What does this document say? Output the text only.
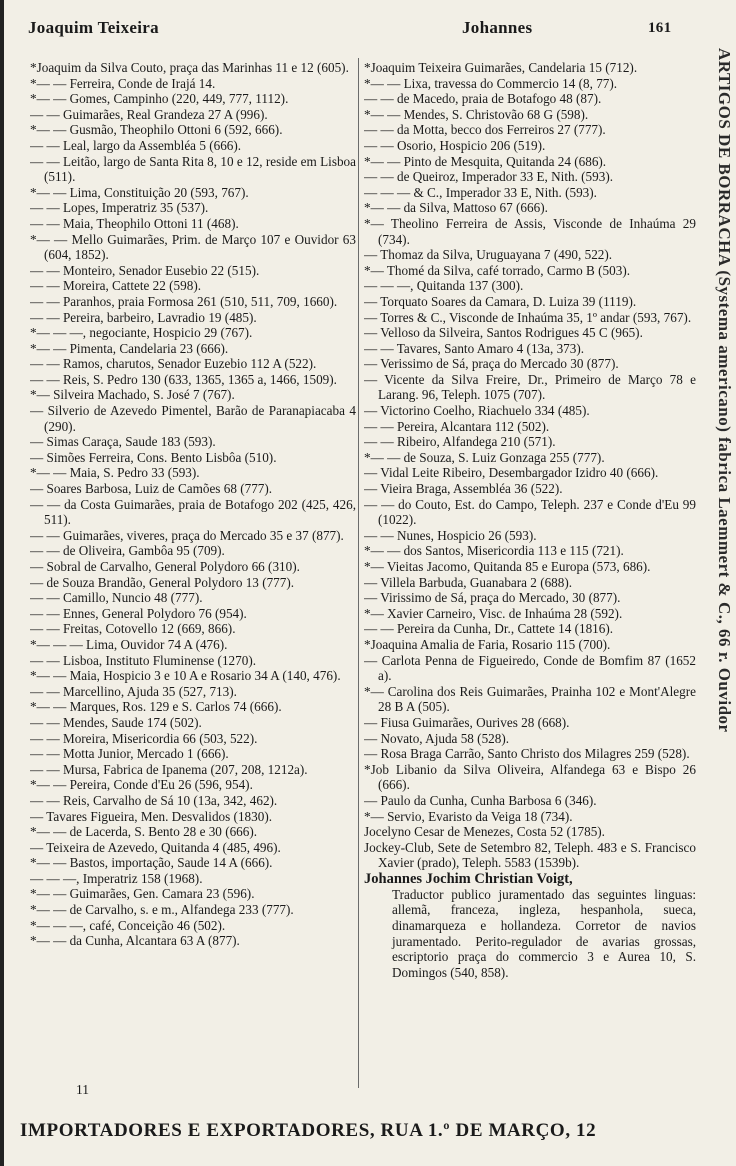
Joaquim Teixeira	Johannes	161

*Joaquim da Silva Couto, praça das Marinhas 11 e 12 (605).

*— — Ferreira, Conde de Irajá 14.

*— — Gomes, Campinho (220, 449, 777, 1112).

— — Guimarães, Real Grandeza 27 A (996).

*— — Gusmão, Theophilo Ottoni 6 (592, 666).

— — Leal, largo da Assembléa 5 (666).

— — Leitão, largo de Santa Rita 8, 10 e 12, reside em Lisboa (511).

*— — Lima, Constituição 20 (593, 767).

— — Lopes, Imperatriz 35 (537).

— — Maia, Theophilo Ottoni 11 (468).

*— — Mello Guimarães, Prim. de Março 107 e Ouvidor 63 (604, 1852).

— — Monteiro, Senador Eusebio 22 (515).

— — Moreira, Cattete 22 (598).

— — Paranhos, praia Formosa 261 (510, 511, 709, 1660).

— — Pereira, barbeiro, Lavradio 19 (485).

*— — —, negociante, Hospicio 29 (767).

*— — Pimenta, Candelaria 23 (666).

— — Ramos, charutos, Senador Euzebio 112 A (522).

— — Reis, S. Pedro 130 (633, 1365, 1365 a, 1466, 1509).

*— Silveira Machado, S. José 7 (767).

— Silverio de Azevedo Pimentel, Barão de Paranapiacaba 4 (290).

— Simas Caraça, Saude 183 (593).

— Simões Ferreira, Cons. Bento Lisbôa (510).

*— — Maia, S. Pedro 33 (593).

— Soares Barbosa, Luiz de Camões 68 (777).

— — da Costa Guimarães, praia de Botafogo 202 (425, 426, 511).

— — Guimarães, viveres, praça do Mercado 35 e 37 (877).

— — de Oliveira, Gambôa 95 (709).

— Sobral de Carvalho, General Polydoro 66 (310).

— de Souza Brandão, General Polydoro 13 (777).

— — Camillo, Nuncio 48 (777).

— — Ennes, General Polydoro 76 (954).

— — Freitas, Cotovello 12 (669, 866).

*— — — Lima, Ouvidor 74 A (476).

— — Lisboa, Instituto Fluminense (1270).

*— — Maia, Hospicio 3 e 10 A e Rosario 34 A (140, 476).

— — Marcellino, Ajuda 35 (527, 713).

*— — Marques, Ros. 129 e S. Carlos 74 (666).

— — Mendes, Saude 174 (502).

— — Moreira, Misericordia 66 (503, 522).

— — Motta Junior, Mercado 1 (666).

— — Mursa, Fabrica de Ipanema (207, 208, 1212a).

*— — Pereira, Conde d'Eu 26 (596, 954).

— — Reis, Carvalho de Sá 10 (13a, 342, 462).

— Tavares Figueira, Men. Desvalidos (1830).

*— — de Lacerda, S. Bento 28 e 30 (666).

— Teixeira de Azevedo, Quitanda 4 (485, 496).

*— — Bastos, importação, Saude 14 A (666).

— — —, Imperatriz 158 (1968).

*— — Guimarães, Gen. Camara 23 (596).

*— — de Carvalho, s. e m., Alfandega 233 (777).

*— — —, café, Conceição 46 (502).

*— — da Cunha, Alcantara 63 A (877).

*Joaquim Teixeira Guimarães, Candelaria 15 (712).

*— — Lixa, travessa do Commercio 14 (8, 77).

— — de Macedo, praia de Botafogo 48 (87).

*— — Mendes, S. Christovão 68 G (598).

— — da Motta, becco dos Ferreiros 27 (777).

— — Osorio, Hospicio 206 (519).

*— — Pinto de Mesquita, Quitanda 24 (686).

— — de Queiroz, Imperador 33 E, Nith. (593).

— — — & C., Imperador 33 E, Nith. (593).

*— — da Silva, Mattoso 67 (666).

*— Theolino Ferreira de Assis, Visconde de Inhaúma 29 (734).

— Thomaz da Silva, Uruguayana 7 (490, 522).

*— Thomé da Silva, café torrado, Carmo B (503).

— — —, Quitanda 137 (300).

— Torquato Soares da Camara, D. Luiza 39 (1119).

— Torres & C., Visconde de Inhaúma 35, 1º andar (593, 767).

— Velloso da Silveira, Santos Rodrigues 45 C (965).

— — Tavares, Santo Amaro 4 (13a, 373).

— Verissimo de Sá, praça do Mercado 30 (877).

— Vicente da Silva Freire, Dr., Primeiro de Março 78 e Larang. 96, Teleph. 1075 (707).

— Victorino Coelho, Riachuelo 334 (485).

— — Pereira, Alcantara 112 (502).

— — Ribeiro, Alfandega 210 (571).

*— — de Souza, S. Luiz Gonzaga 255 (777).

— Vidal Leite Ribeiro, Desembargador Izidro 40 (666).

— Vieira Braga, Assembléa 36 (522).

— — do Couto, Est. do Campo, Teleph. 237 e Conde d'Eu 99 (1022).

— — Nunes, Hospicio 26 (593).

*— — dos Santos, Misericordia 113 e 115 (721).

*— Vieitas Jacomo, Quitanda 85 e Europa (573, 686).

— Villela Barbuda, Guanabara 2 (688).

— Virissimo de Sá, praça do Mercado, 30 (877).

*— Xavier Carneiro, Visc. de Inhaúma 28 (592).

— — Pereira da Cunha, Dr., Cattete 14 (1816).

*Joaquina Amalia de Faria, Rosario 115 (700).

— Carlota Penna de Figueiredo, Conde de Bomfim 87 (1652 a).

*— Carolina dos Reis Guimarães, Prainha 102 e Mont'Alegre 28 B A (505).

— Fiusa Guimarães, Ourives 28 (668).

— Novato, Ajuda 58 (528).

— Rosa Braga Carrão, Santo Christo dos Milagres 259 (528).

*Job Libanio da Silva Oliveira, Alfandega 63 e Bispo 26 (666).

— Paulo da Cunha, Cunha Barbosa 6 (346).

*— Servio, Evaristo da Veiga 18 (734).

Jocelyno Cesar de Menezes, Costa 52 (1785).

Jockey-Club, Sete de Setembro 82, Teleph. 483 e S. Francisco Xavier (prado), Teleph. 5583 (1539b).

Johannes Jochim Christian Voigt,

Traductor publico juramentado das seguintes linguas: allemã, franceza, ingleza, hespanhola, sueca, dinamarqueza e hollandeza. Corretor de navios juramentado. Perito-regulador de avarias grossas, escriptorio praça do commercio 3 e Aurea 10, S. Domingos (540, 858).

11
ARTIGOS DE BORRACHA (Systema americano) fabrica Laemmert & C., 66 r. Ouvidor
IMPORTADORES E EXPORTADORES, RUA 1.º DE MARÇO, 12
